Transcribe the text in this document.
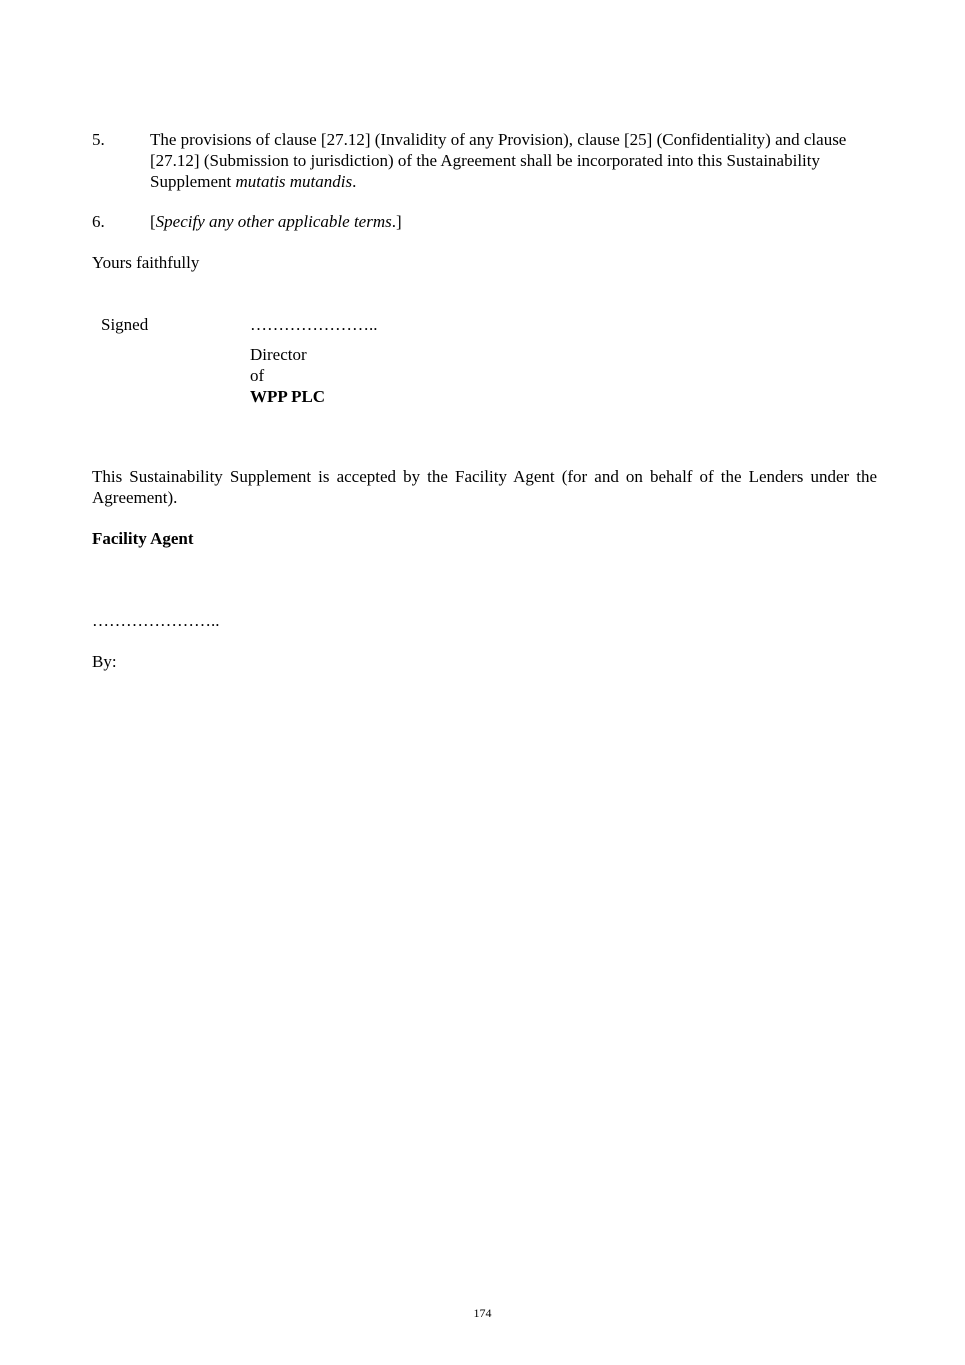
5.	The provisions of clause [27.12] (Invalidity of any Provision), clause [25] (Confidentiality) and clause [27.12] (Submission to jurisdiction) of the Agreement shall be incorporated into this Sustainability Supplement mutatis mutandis.
6.	[Specify any other applicable terms.]
Yours faithfully
Signed	…………………..
Director
of
WPP PLC
This Sustainability Supplement is accepted by the Facility Agent (for and on behalf of the Lenders under the Agreement).
Facility Agent
…………………..
By:
174
